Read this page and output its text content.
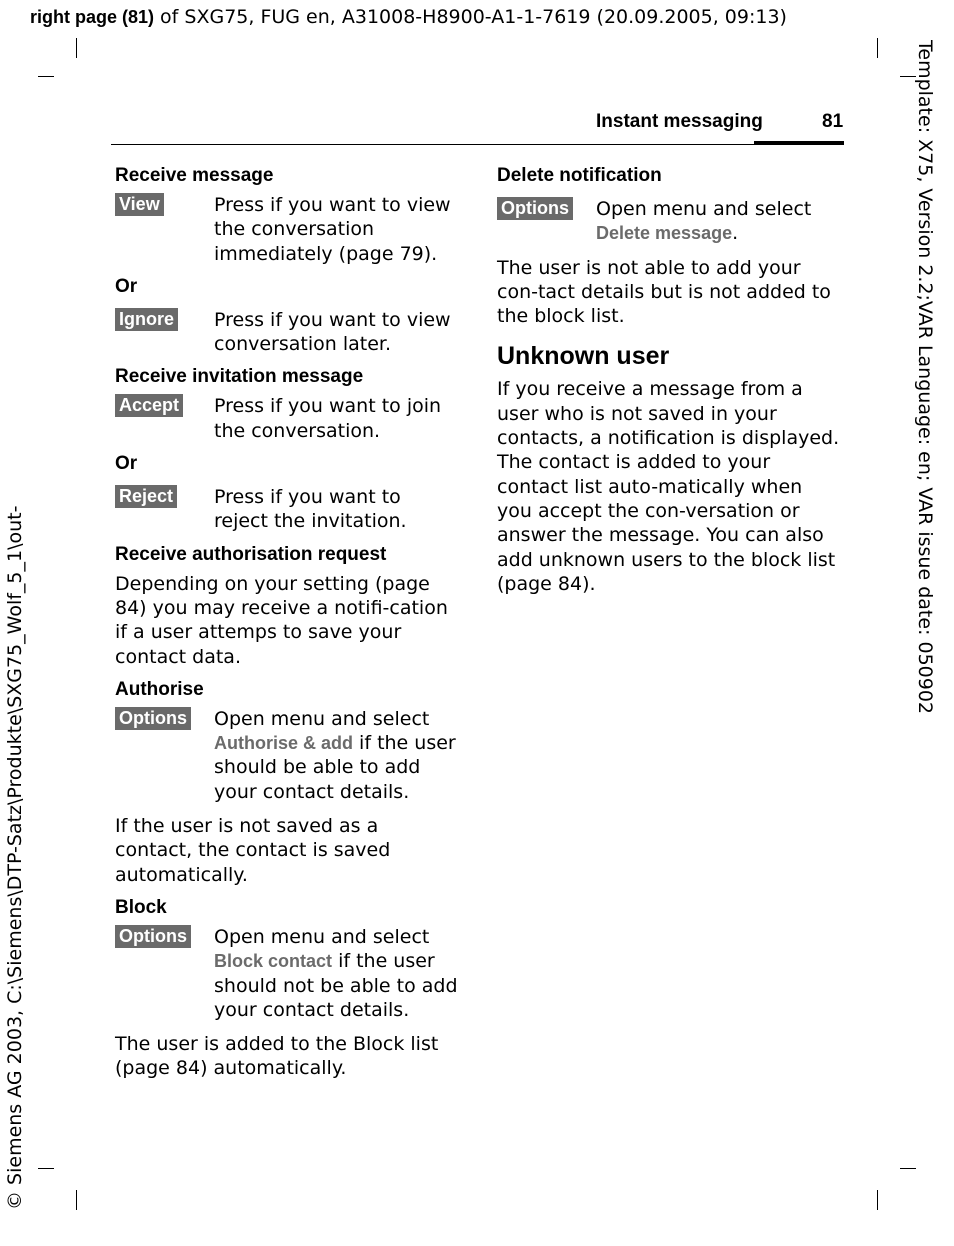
right page (81) of SXG75, FUG en, A31008-H8900-A1-1-7619 (20.09.2005, 09:13)
Template: X75, Version 2.2;VAR Language: en; VAR issue date: 050902
© Siemens AG 2003, C:\Siemens\DTP-Satz\Produkte\SXG75_Wolf_5_1\out-
Instant messaging	81

Receive message

View	Press if you want to view the conversation immediately (page 79).

Or

Ignore	Press if you want to view conversation later.

Receive invitation message

Accept	Press if you want to join the conversation.

Or

Reject	Press if you want to reject the invitation.

Receive authorisation request

Depending on your setting (page 84) you may receive a notifi-cation if a user attemps to save your contact data.

Authorise

Options	Open menu and select Authorise & add if the user should be able to add your contact details.

If the user is not saved as a contact, the contact is saved automatically.

Block

Options	Open menu and select Block contact if the user should not be able to add your contact details.

The user is added to the Block list (page 84) automatically.

Delete notification

Options	Open menu and select Delete message.

The user is not able to add your con-tact details but is not added to the block list.

Unknown user

If you receive a message from a user who is not saved in your contacts, a notification is displayed. The contact is added to your contact list auto-matically when you accept the con-versation or answer the message. You can also add unknown users to the block list (page 84).
